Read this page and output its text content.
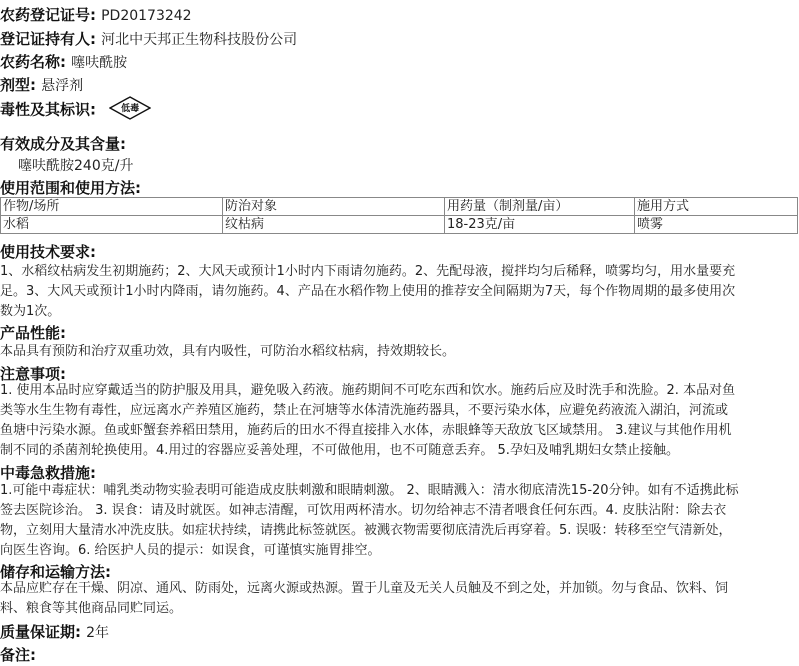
农药登记证号: PD20173242
登记证持有人: 河北中天邦正生物科技股份公司
农药名称: 噻呋酰胺
剂型: 悬浮剂
毒性及其标识:	低毒
有效成分及其含量:
噻呋酰胺240克/升
使用范围和使用方法:
作物/场所	防治对象	用药量（制剂量/亩）	施用方式
水稻	纹枯病	18-23克/亩	喷雾
使用技术要求:
1、水稻纹枯病发生初期施药；2、大风天或预计1小时内下雨请勿施药。2、先配母液，搅拌均匀后稀释，喷雾均匀，用水量要充
足。3、大风天或预计1小时内降雨，请勿施药。4、产品在水稻作物上使用的推荐安全间隔期为7天，每个作物周期的最多使用次
数为1次。
产品性能:
本品具有预防和治疗双重功效，具有内吸性，可防治水稻纹枯病，持效期较长。
注意事项:
1. 使用本品时应穿戴适当的防护服及用具，避免吸入药液。施药期间不可吃东西和饮水。施药后应及时洗手和洗脸。2. 本品对鱼
类等水生生物有毒性，应远离水产养殖区施药，禁止在河塘等水体清洗施药器具，不要污染水体，应避免药液流入湖泊，河流或
鱼塘中污染水源。鱼或虾蟹套养稻田禁用，施药后的田水不得直接排入水体，赤眼蜂等天敌放飞区域禁用。 3.建议与其他作用机
制不同的杀菌剂轮换使用。4.用过的容器应妥善处理，不可做他用，也不可随意丢弃。 5.孕妇及哺乳期妇女禁止接触。
中毒急救措施:
1.可能中毒症状：哺乳类动物实验表明可能造成皮肤刺激和眼睛刺激。 2、眼睛溅入：清水彻底清洗15-20分钟。如有不适携此标
签去医院诊治。 3. 误食：请及时就医。如神志清醒，可饮用两杯清水。切勿给神志不清者喂食任何东西。4. 皮肤沾附：除去衣
物，立刻用大量清水冲洗皮肤。如症状持续，请携此标签就医。被溅衣物需要彻底清洗后再穿着。5. 误吸：转移至空气清新处，
向医生咨询。6. 给医护人员的提示：如误食，可谨慎实施胃排空。
储存和运输方法:
本品应贮存在干燥、阴凉、通风、防雨处，远离火源或热源。置于儿童及无关人员触及不到之处，并加锁。勿与食品、饮料、饲
料、粮食等其他商品同贮同运。
质量保证期: 2年
备注:
